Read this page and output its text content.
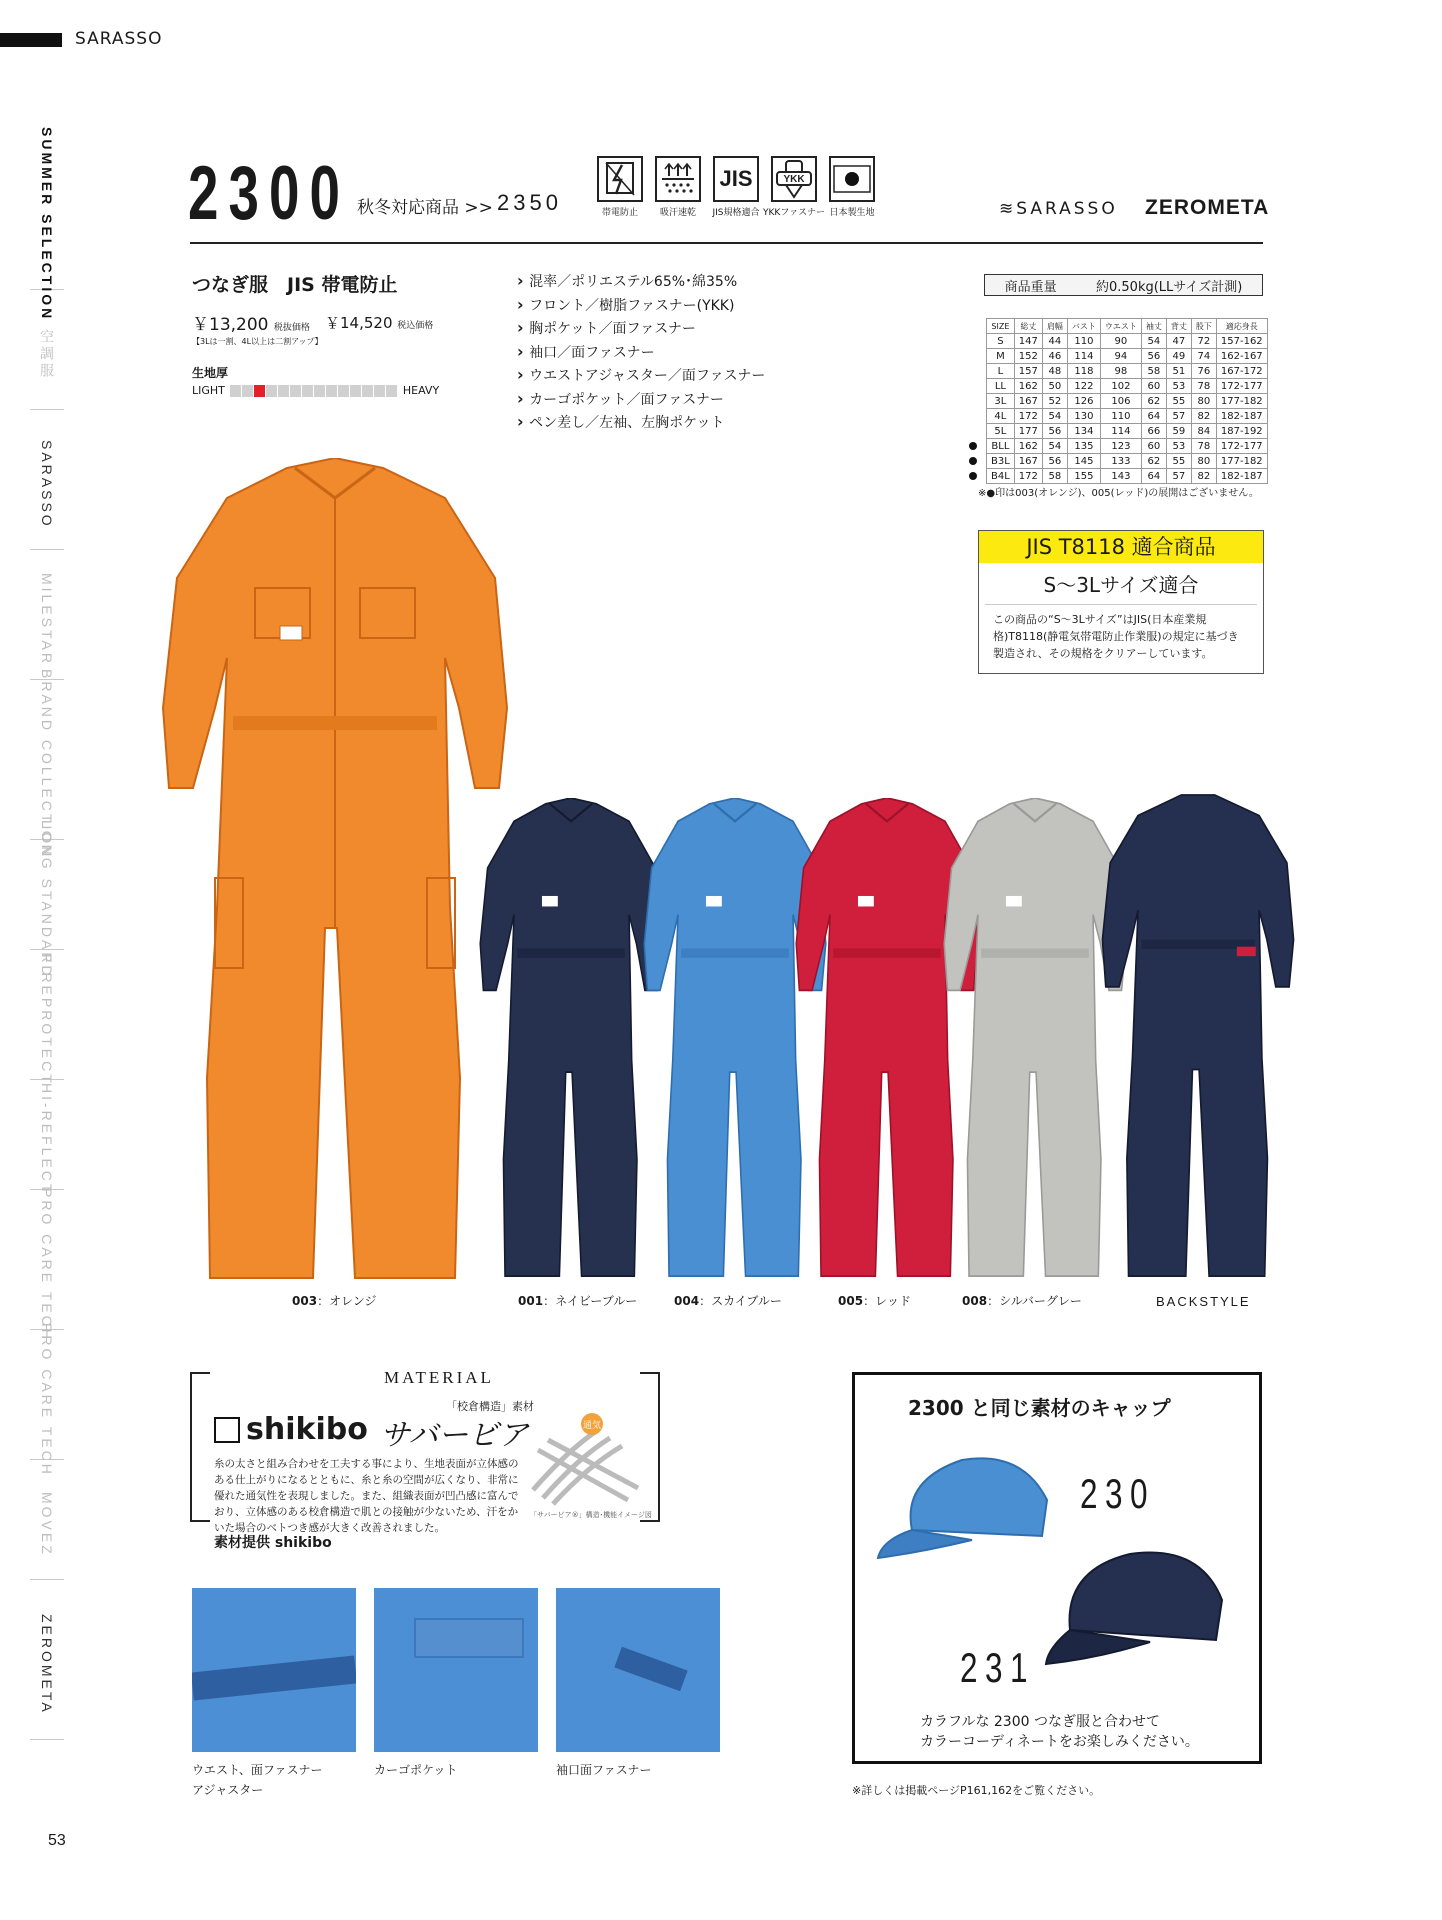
SARASSO
SUMMER SELECTION
空調服
SARASSO
MILESTAR
BRAND COLLECTION
LONG STANDARD
FIREPROTECT
HI-REFLECT
PRO CARE TECH
PRO CARE TECH
MOVEZ
ZEROMETA
2300 秋冬対応商品 >> 2350
JIS	YKK
帯電防止	吸汗速乾	JIS規格適合 YKKファスナー 日本製生地	≋SARASSO ZEROMETA
つなぎ服　JIS 帯電防止
￥13,200 税抜価格 ￥14,520 税込価格
【3Lは一割、4L以上は二割アップ】
生地厚
LIGHT	HEAVY
› 混率／ポリエステル65%･綿35%
› フロント／樹脂ファスナー(YKK)
› 胸ポケット／面ファスナー
› 袖口／面ファスナー
› ウエストアジャスター／面ファスナー
› カーゴポケット／面ファスナー
› ペン差し／左袖、左胸ポケット
商品重量	約0.50kg(LLサイズ計測)
SIZE	総丈	肩幅	バスト	ウエスト	袖丈	背丈	股下	適応身長
S	147	44	110	90	54	47	72	157-162
M	152	46	114	94	56	49	74	162-167
L	157	48	118	98	58	51	76	167-172
LL	162	50	122	102	60	53	78	172-177
3L	167	52	126	106	62	55	80	177-182
4L	172	54	130	110	64	57	82	182-187
5L	177	56	134	114	66	59	84	187-192
BLL	162	54	135	123	60	53	78	172-177
B3L	167	56	145	133	62	55	80	177-182
B4L	172	58	155	143	64	57	82	182-187
※●印は003(オレンジ)、005(レッド)の展開はございません。
JIS T8118 適合商品
S〜3Lサイズ適合
この商品の“S〜3Lサイズ”はJIS(日本産業規格)T8118(静電気帯電防止作業服)の規定に基づき製造され、その規格をクリアーしています。
003：オレンジ	001：ネイビーブルー	004：スカイブルー	005：レッド	008：シルバーグレー	BACKSTYLE
MATERIAL
「校倉構造」素材
shikibo サバービア
糸の太さと組み合わせを工夫する事により、生地表面が立体感のある仕上がりになるとともに、糸と糸の空間が広くなり、非常に優れた通気性を表現しました。また、組織表面が凹凸感に富んでおり、立体感のある校倉構造で肌との接触が少ないため、汗をかいた場合のベトつき感が大きく改善されました。
素材提供 shikibo
通気
「サバービア®」構造･機能イメージ図
ウエスト、面ファスナー
アジャスター
カーゴポケット	袖口面ファスナー
2300 と同じ素材のキャップ
230
231
カラフルな 2300 つなぎ服と合わせて
カラーコーディネートをお楽しみください。
※詳しくは掲載ページP161,162をご覧ください。
53
